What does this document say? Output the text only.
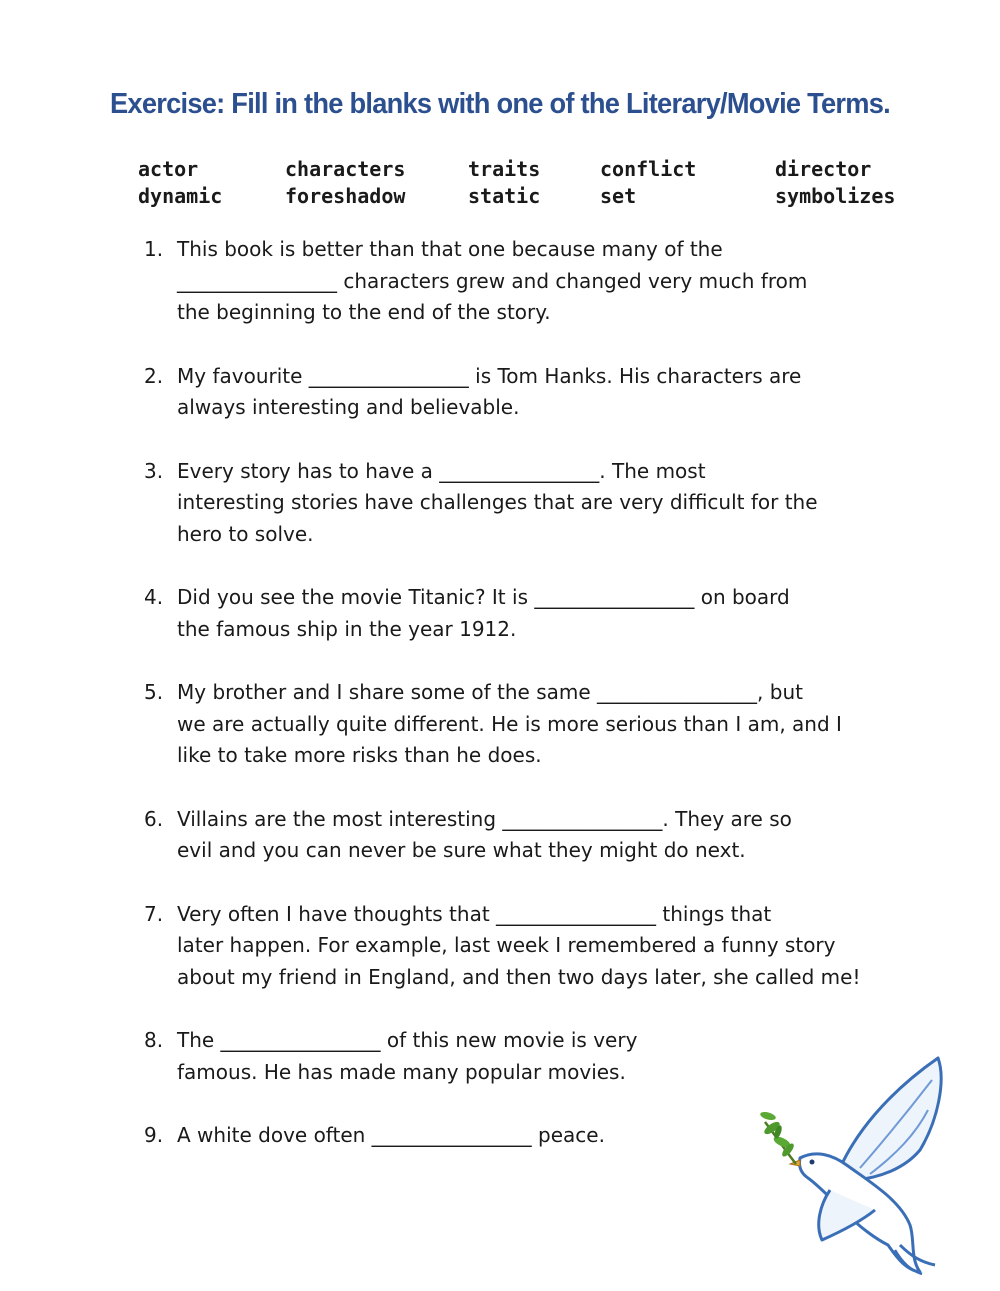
Exercise: Fill in the blanks with one of the Literary/Movie Terms.
actor	characters	traits	conflict	director
dynamic	foreshadow	static	set	symbolizes
1. This book is better than that one because many of the
________________ characters grew and changed very much from
the beginning to the end of the story.
2. My favourite ________________ is Tom Hanks. His characters are
always interesting and believable.
3. Every story has to have a ________________. The most
interesting stories have challenges that are very difficult for the
hero to solve.
4. Did you see the movie Titanic? It is ________________ on board
the famous ship in the year 1912.
5. My brother and I share some of the same ________________, but
we are actually quite different. He is more serious than I am, and I
like to take more risks than he does.
6. Villains are the most interesting ________________. They are so
evil and you can never be sure what they might do next.
7. Very often I have thoughts that ________________ things that
later happen. For example, last week I remembered a funny story
about my friend in England, and then two days later, she called me!
8. The ________________ of this new movie is very
famous. He has made many popular movies.
9. A white dove often ________________ peace.
